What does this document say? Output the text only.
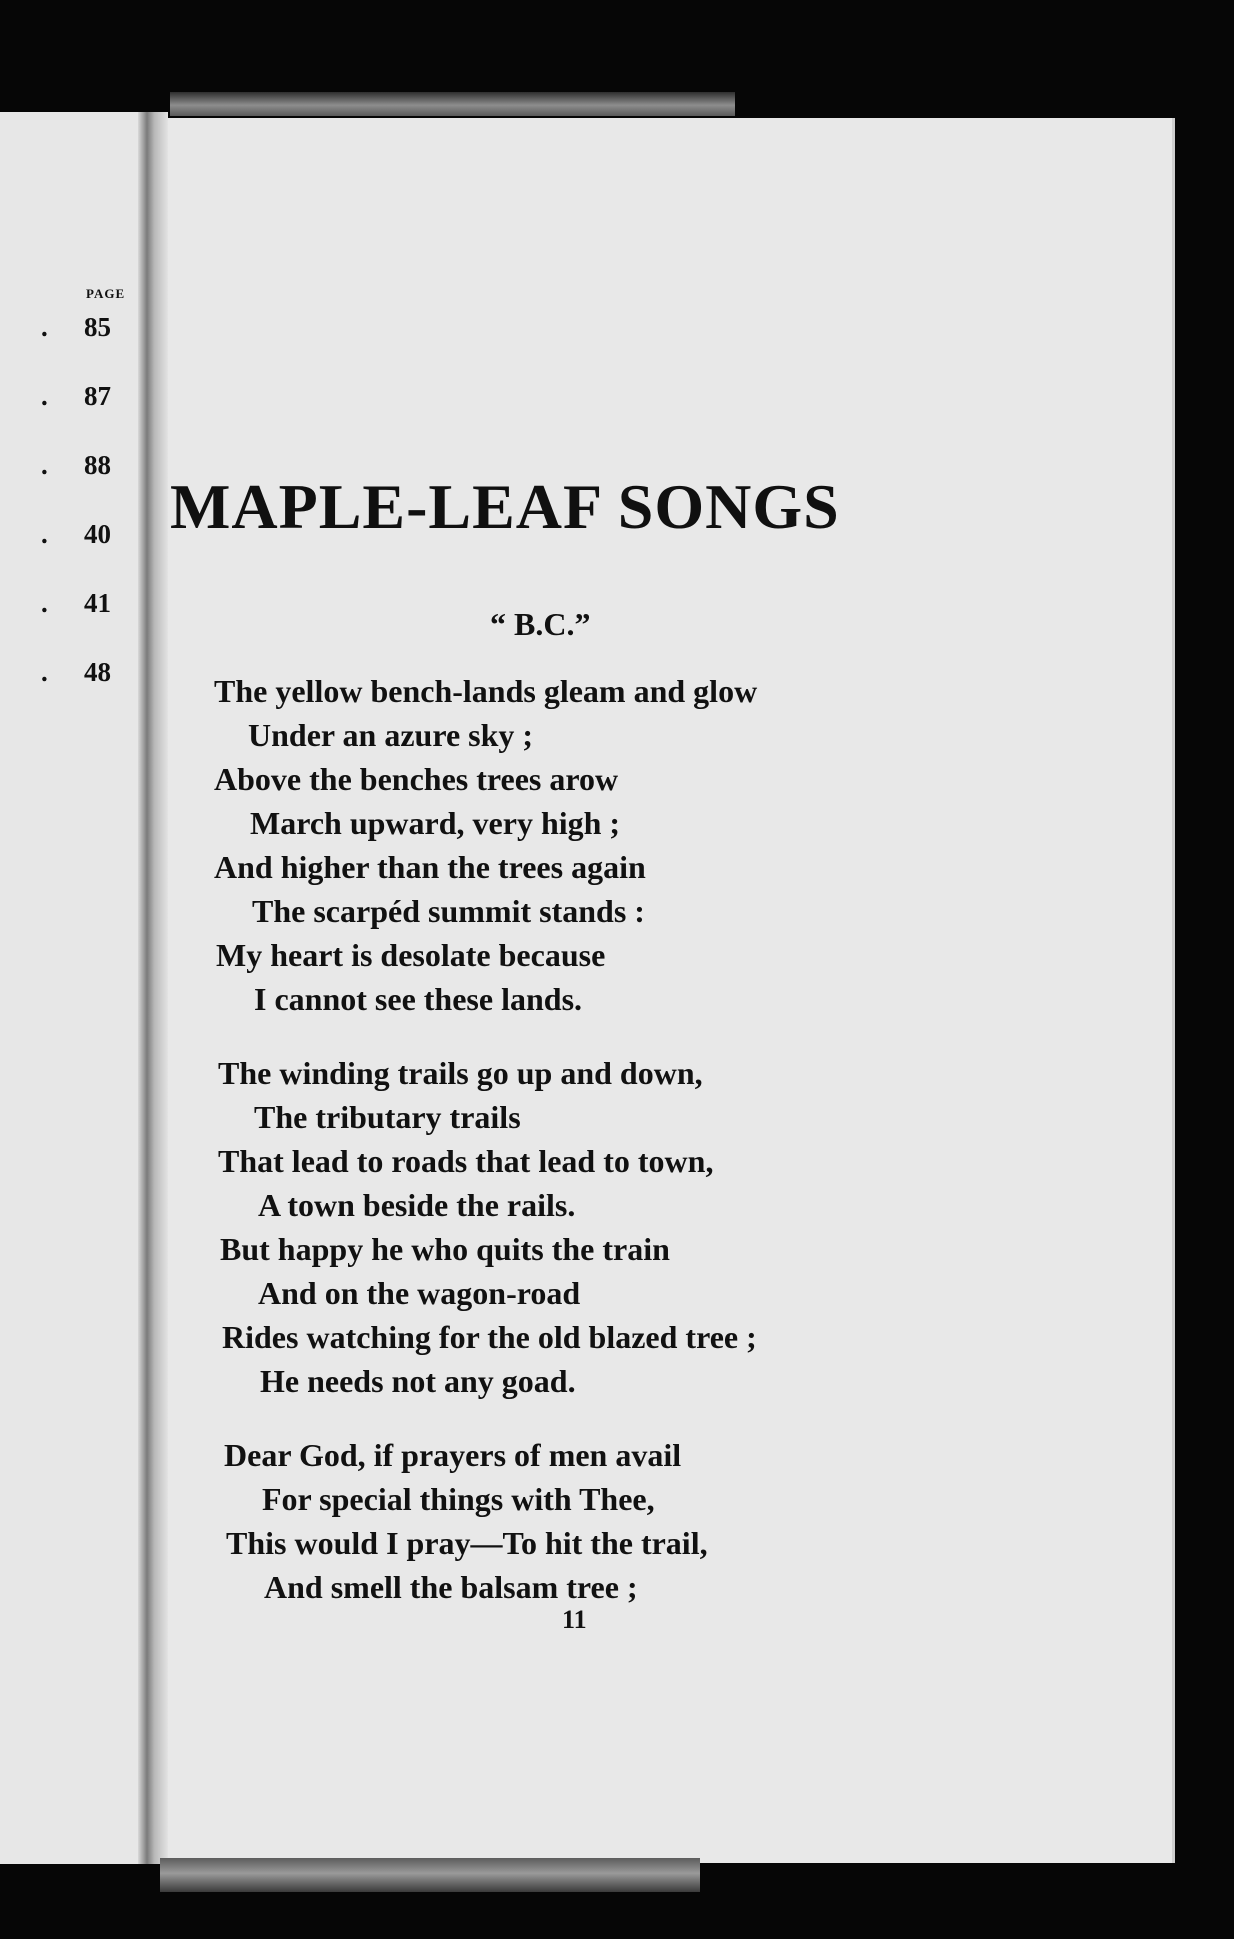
PAGE
. 85
. 87
. 88
. 40
. 41
. 48
MAPLE-LEAF SONGS
“ B.C.”
The yellow bench-lands gleam and glow
Under an azure sky ;
Above the benches trees arow
March upward, very high ;
And higher than the trees again
The scarpéd summit stands :
My heart is desolate because
I cannot see these lands.
The winding trails go up and down,
The tributary trails
That lead to roads that lead to town,
A town beside the rails.
But happy he who quits the train
And on the wagon-road
Rides watching for the old blazed tree ;
He needs not any goad.
Dear God, if prayers of men avail
For special things with Thee,
This would I pray—To hit the trail,
And smell the balsam tree ;
11
